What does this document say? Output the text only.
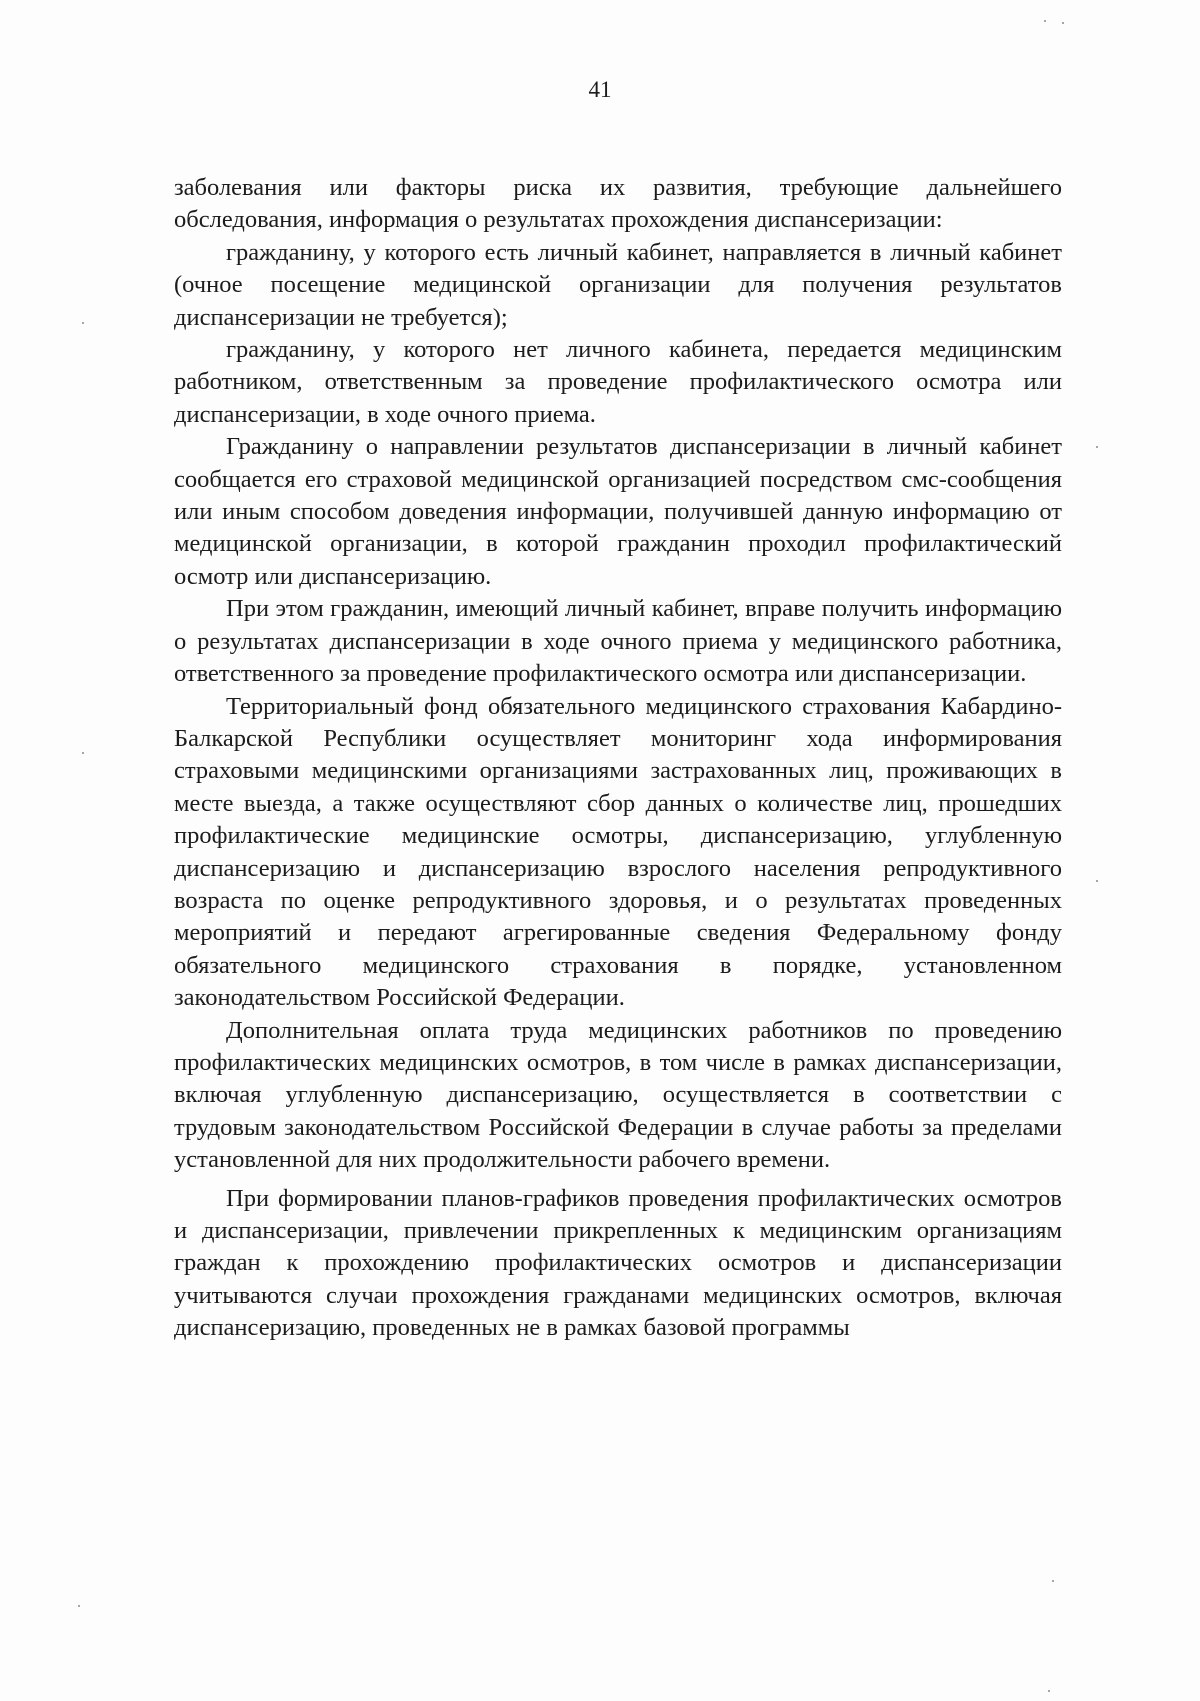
41

заболевания или факторы риска их развития, требующие дальнейшего обследования, информация о результатах прохождения диспансеризации:

гражданину, у которого есть личный кабинет, направляется в личный кабинет (очное посещение медицинской организации для получения результатов диспансеризации не требуется);

гражданину, у которого нет личного кабинета, передается медицинским работником, ответственным за проведение профилактического осмотра или диспансеризации, в ходе очного приема.

Гражданину о направлении результатов диспансеризации в личный кабинет сообщается его страховой медицинской организацией посредством смс-сообщения или иным способом доведения информации, получившей данную информацию от медицинской организации, в которой гражданин проходил профилактический осмотр или диспансеризацию.

При этом гражданин, имеющий личный кабинет, вправе получить информацию о результатах диспансеризации в ходе очного приема у медицинского работника, ответственного за проведение профилактического осмотра или диспансеризации.

Территориальный фонд обязательного медицинского страхования Кабардино-Балкарской Республики осуществляет мониторинг хода информирования страховыми медицинскими организациями застрахованных лиц, проживающих в месте выезда, а также осуществляют сбор данных о количестве лиц, прошедших профилактические медицинские осмотры, диспансеризацию, углубленную диспансеризацию и диспансеризацию взрослого населения репродуктивного возраста по оценке репродуктивного здоровья, и о результатах проведенных мероприятий и передают агрегированные сведения Федеральному фонду обязательного медицинского страхования в порядке, установленном законодательством Российской Федерации.

Дополнительная оплата труда медицинских работников по проведению профилактических медицинских осмотров, в том числе в рамках диспансеризации, включая углубленную диспансеризацию, осуществляется в соответствии с трудовым законодательством Российской Федерации в случае работы за пределами установленной для них продолжительности рабочего времени.

При формировании планов-графиков проведения профилактических осмотров и диспансеризации, привлечении прикрепленных к медицинским организациям граждан к прохождению профилактических осмотров и диспансеризации учитываются случаи прохождения гражданами медицинских осмотров, включая диспансеризацию, проведенных не в рамках базовой программы
